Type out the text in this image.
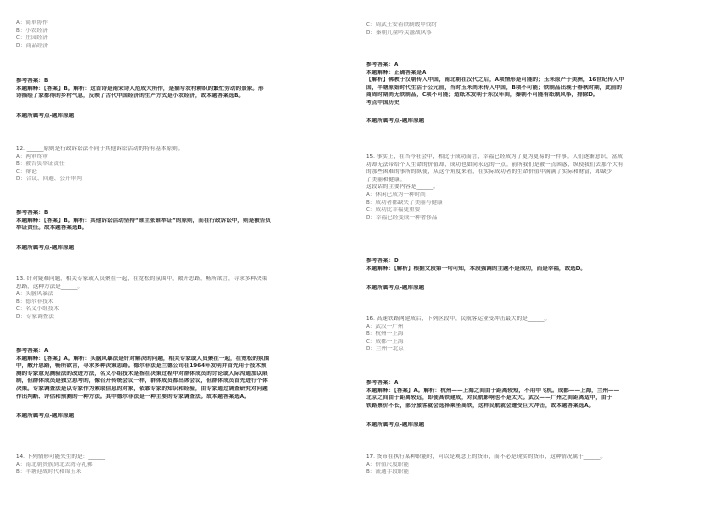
A：简单协作
B：小农经济
C：庄园经济
D：商品经济
参考答案：B
本题解释：【答案】B。解析：这首诗是南宋诗人范成大所作，是描写农村耕织的繁忙劳动的景象。形
诗描绘了家都得的乡村气息，反映了古代中国经济的生产方式是小农经济，故本题答案选B。
本题所属考点-题库原题
12. ______原则是行政诉讼法不同于其他诉讼活动的特有基本原则。
A：两审终审
B：被告负举证责任
C：辩论
D：合议、回避、公开审判
参考答案：B
本题解释：【答案】B。解析：其他诉讼活动坚持“谁主张谁举证”的原则，而在行政诉讼中，则是被告负
举证责任。故本题答案选B。
本题所属考点-题库原题
13. 针对疑难问题，相关专家或人员聚在一起，在宽松的氛围中，敞开思路，畅所欲言，寻求多种决策
思路，这种方法是______。
A：头脑风暴法
B：德尔菲技术
C：名义小组技术
D：专家调查法
参考答案：A
本题解释：【答案】A。解析：头脑风暴法是针对解决的问题，相关专家或人员聚在一起，在宽松的氛围
中，敞开思路，畅所欲言，寻求多种决策思路。德尔菲法是兰德公司在1964年发明并首先用于技术预
测的专家意见测验法的改进方法，名义小组技术是指在决策过程中对群体成员的讨论或人际沟通加以限
制，但群体成员是独立思考的，像召开传统会议一样，群体成员都出席会议，但群体成员首先进行个体
决策。专家调查法是以专家作为索取信息的对象，依靠专家的知识和经验，由专家通过调查研究对问题
作出判断、评估和预测的一种方法。其中德尔菲法是一种主要的专家调查法。故本题答案选A。
本题所属考点-题库原题
14. 下列情形可能失生的是：______
A：南北朝贵族到北去湾寺礼佛
B：半塘迎战时代和锦玉米
C：周武王安着铁制镀甲伐纣
D：秦朝儿童吟关滋战风筝
参考答案：A
本题解释：正确答案是A
【解析】佛教于汉朝传入中国，南北朝在汉代之后，A项情形是可能的；玉米原产于美洲，16世纪传入中
国，半塘原始时代生活于公元前，当时玉米尚未传入中国，B项不可能；铁制品出现于春秋时期，此前的
商周时期尚无铁制品，C项不可能；造纸术发明于东汉年间，秦朝不可能有纸制风筝，排除D。
考点中国历史
本题所属考点-题库原题
15. 事实上，在当今社会中，相比于成功而言，幸福已经成为了更为更易的一件事。人们逐渐意识，富成
功却无法带给个人生命的价值却，成功也如同永远的一点。前所我们是被一点困惑，纵使我们去那个大有
的那些困难的事所的纵使，从这个角度来看，在实际成功者的生命价值中满满了实际和财富，却缺少
了美丽和健康。
这段话的主要内容是______。
A：休闲已成为一种时尚
B：成功者都缺失了美丽与健康
C：成功比幸福更重要
D：幸福已经变成一种奢侈品
参考答案：D
本题解释：【解析】根据文段第一句可知，本段强调的主题不是成功，而是幸福，故选D。
本题所属考点-题库原题
16. 高速铁路网建成后，下列区段中，民航客运业受冲击最大的是______。
A：武汉一广州
B：杭州一上海
C：成都一上海
D：兰州一北京
参考答案：A
本题解释：【答案】A。解析：杭州——上海之间由于距离较短，不用中飞机。成都——上海，兰州——
北京之间由于距离较远，即使高铁建成，对民航影响也不是太大。武汉——广州之间距离适中，由于
铁路票价不长，部分旅客就会选择乘坐高铁，这样民航就会遭受巨大冲击，故本题答案选A。
本题所属考点-题库原题
17. 货币在执行某种职能时，可以是观念上的货币，而不必是现实的货币，这种情况属于______。
A：价值尺度职能
B：流通手段职能
